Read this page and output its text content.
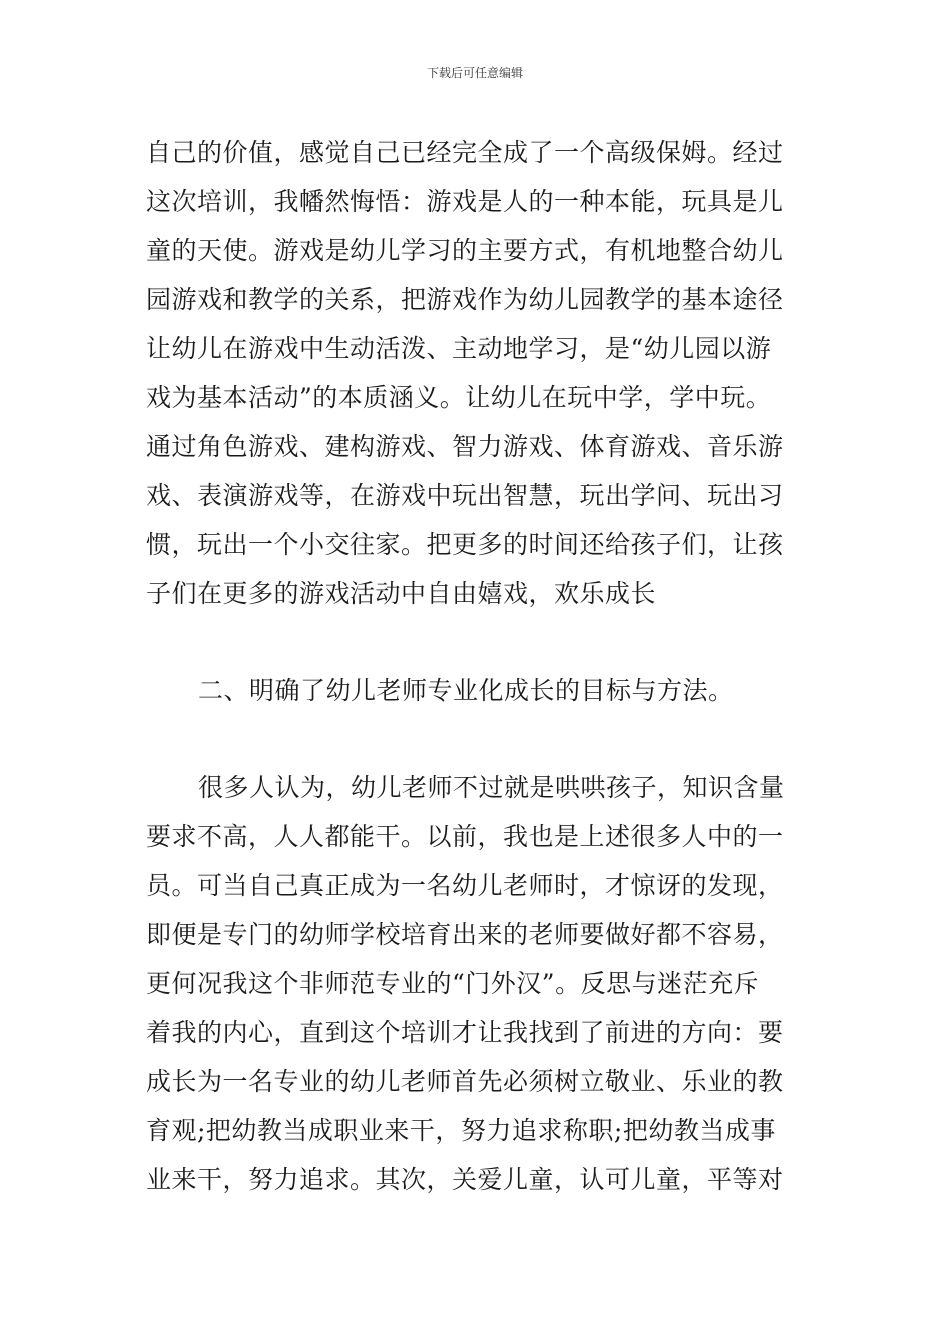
下载后可任意编辑
自己的价值，感觉自己已经完全成了一个高级保姆。经过
这次培训，我幡然悔悟：游戏是人的一种本能，玩具是儿
童的天使。游戏是幼儿学习的主要方式，有机地整合幼儿
园游戏和教学的关系，把游戏作为幼儿园教学的基本途径
让幼儿在游戏中生动活泼、主动地学习，是“幼儿园以游
戏为基本活动”的本质涵义。让幼儿在玩中学，学中玩。
通过角色游戏、建构游戏、智力游戏、体育游戏、音乐游
戏、表演游戏等，在游戏中玩出智慧，玩出学问、玩出习
惯，玩出一个小交往家。把更多的时间还给孩子们，让孩
子们在更多的游戏活动中自由嬉戏，欢乐成长
二、明确了幼儿老师专业化成长的目标与方法。
很多人认为，幼儿老师不过就是哄哄孩子，知识含量
要求不高，人人都能干。以前，我也是上述很多人中的一
员。可当自己真正成为一名幼儿老师时，才惊讶的发现，
即便是专门的幼师学校培育出来的老师要做好都不容易，
更何况我这个非师范专业的“门外汉”。反思与迷茫充斥
着我的内心，直到这个培训才让我找到了前进的方向：要
成长为一名专业的幼儿老师首先必须树立敬业、乐业的教
育观;把幼教当成职业来干，努力追求称职;把幼教当成事
业来干，努力追求。其次，关爱儿童，认可儿童，平等对
